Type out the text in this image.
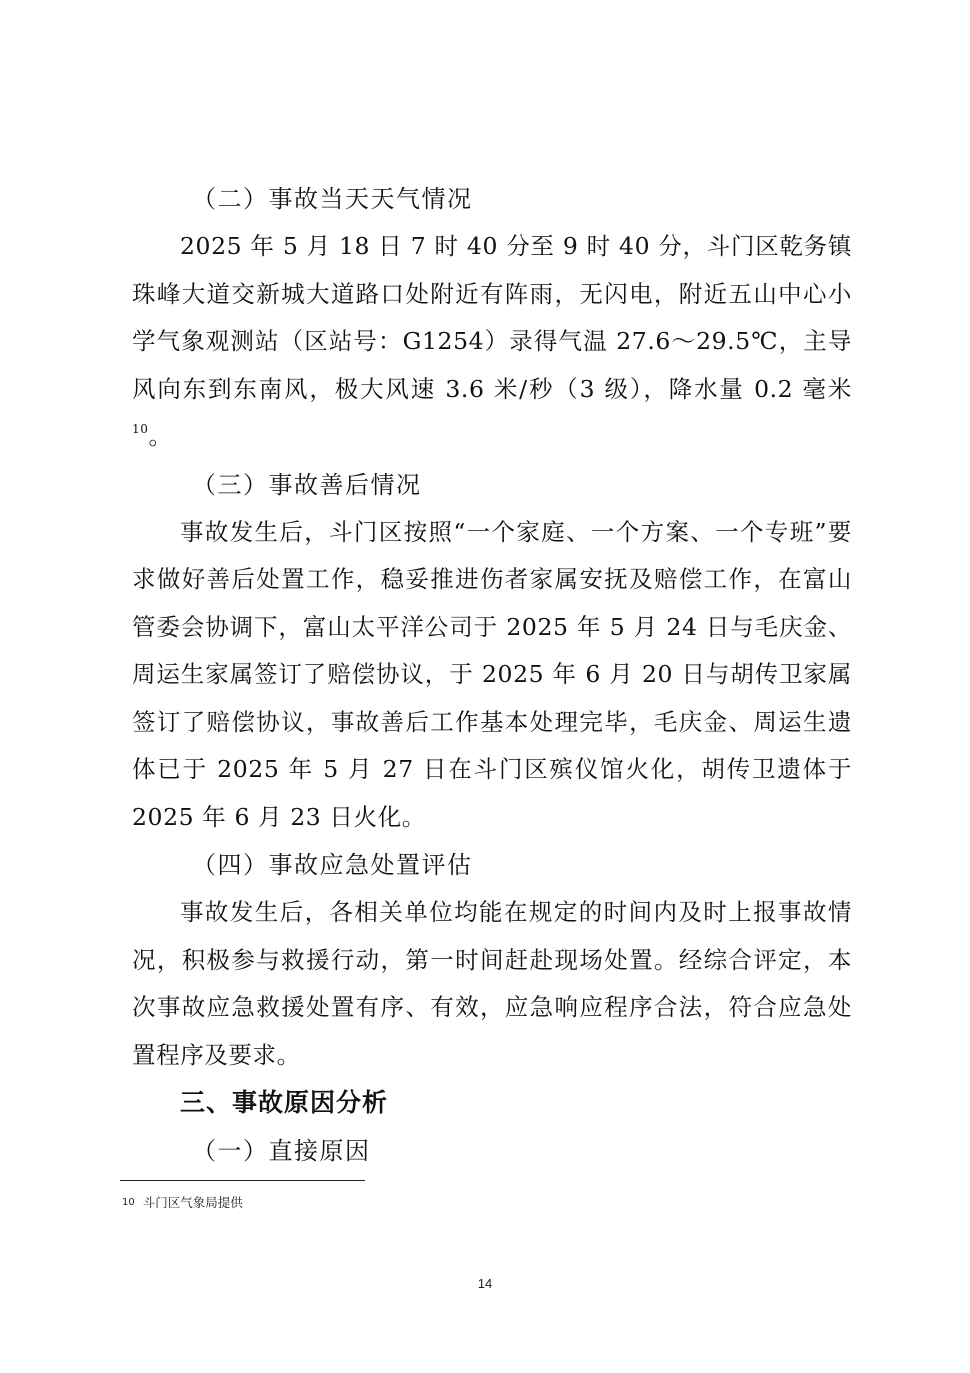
（二）事故当天天气情况

2025 年 5 月 18 日 7 时 40 分至 9 时 40 分，斗门区乾务镇珠峰大道交新城大道路口处附近有阵雨，无闪电，附近五山中心小学气象观测站（区站号：G1254）录得气温 27.6～29.5℃，主导风向东到东南风，极大风速 3.6 米/秒（3 级），降水量 0.2 毫米$^{10}$。

（三）事故善后情况

事故发生后，斗门区按照“一个家庭、一个方案、一个专班”要求做好善后处置工作，稳妥推进伤者家属安抚及赔偿工作，在富山管委会协调下，富山太平洋公司于 2025 年 5 月 24 日与毛庆金、周运生家属签订了赔偿协议，于 2025 年 6 月 20 日与胡传卫家属签订了赔偿协议，事故善后工作基本处理完毕，毛庆金、周运生遗体已于 2025 年 5 月 27 日在斗门区殡仪馆火化，胡传卫遗体于 2025 年 6 月 23 日火化。

（四）事故应急处置评估

事故发生后，各相关单位均能在规定的时间内及时上报事故情况，积极参与救援行动，第一时间赶赴现场处置。经综合评定，本次事故应急救援处置有序、有效，应急响应程序合法，符合应急处置程序及要求。

三、事故原因分析

（一）直接原因

10 斗门区气象局提供
14
